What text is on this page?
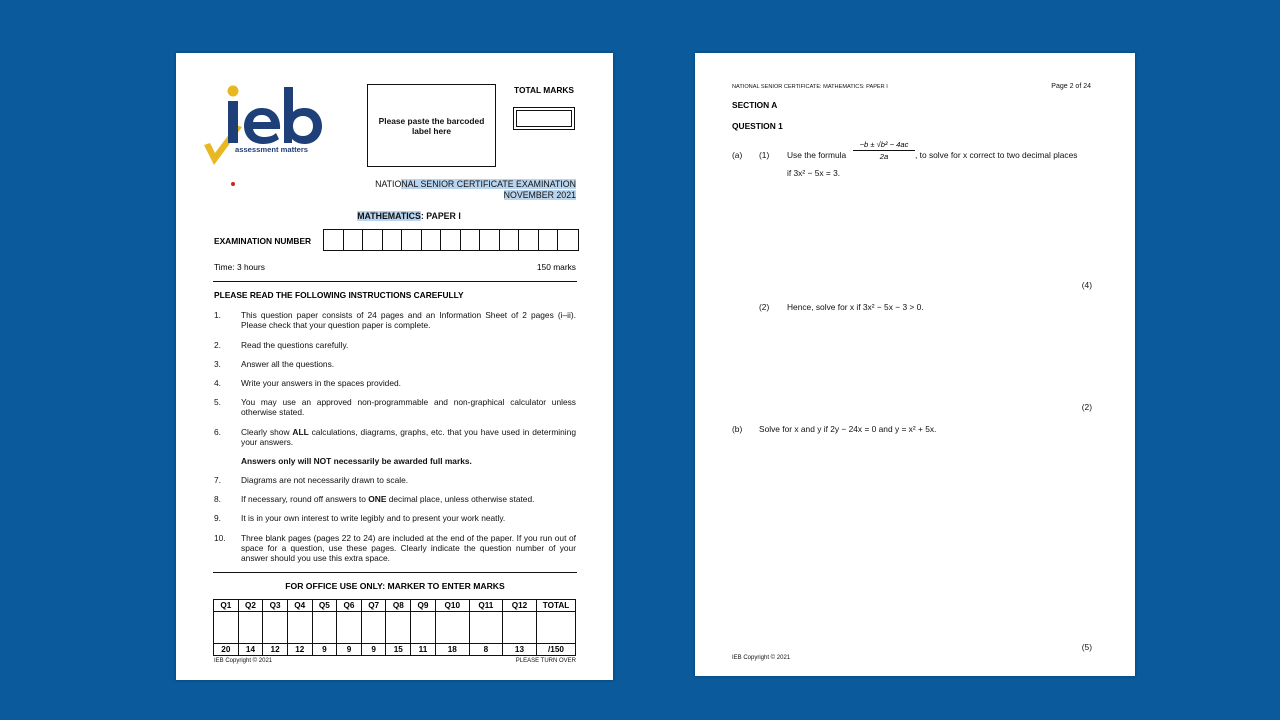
assessment matters
Please paste the barcoded label here
TOTAL MARKS
NATIONAL SENIOR CERTIFICATE EXAMINATION
NOVEMBER 2021
MATHEMATICS: PAPER I
EXAMINATION NUMBER
Time: 3 hours	150 marks
PLEASE READ THE FOLLOWING INSTRUCTIONS CAREFULLY
1. This question paper consists of 24 pages and an Information Sheet of 2 pages (i–ii). Please check that your question paper is complete.
2. Read the questions carefully.
3. Answer all the questions.
4. Write your answers in the spaces provided.
5. You may use an approved non-programmable and non-graphical calculator unless otherwise stated.
6. Clearly show ALL calculations, diagrams, graphs, etc. that you have used in determining your answers.
Answers only will NOT necessarily be awarded full marks.
7. Diagrams are not necessarily drawn to scale.
8. If necessary, round off answers to ONE decimal place, unless otherwise stated.
9. It is in your own interest to write legibly and to present your work neatly.
10. Three blank pages (pages 22 to 24) are included at the end of the paper. If you run out of space for a question, use these pages. Clearly indicate the question number of your answer should you use this extra space.
FOR OFFICE USE ONLY: MARKER TO ENTER MARKS
Q1	Q2	Q3	Q4	Q5	Q6	Q7	Q8	Q9	Q10	Q11	Q12	TOTAL

20	14	12	12	9	9	9	15	11	18	8	13	/150
IEB Copyright © 2021	PLEASE TURN OVER
NATIONAL SENIOR CERTIFICATE: MATHEMATICS: PAPER I	Page 2 of 24
SECTION A
QUESTION 1
(a) (1) Use the formula $\frac{\text{−b ± √b² − 4ac}}{2a}$ , to solve for x correct to two decimal places
if 3x² − 5x = 3.
(4)
(2) Hence, solve for x if 3x² − 5x − 3 > 0.
(2)
(b) Solve for x and y if 2y − 24x = 0 and y = x² + 5x.
(5)
IEB Copyright © 2021
